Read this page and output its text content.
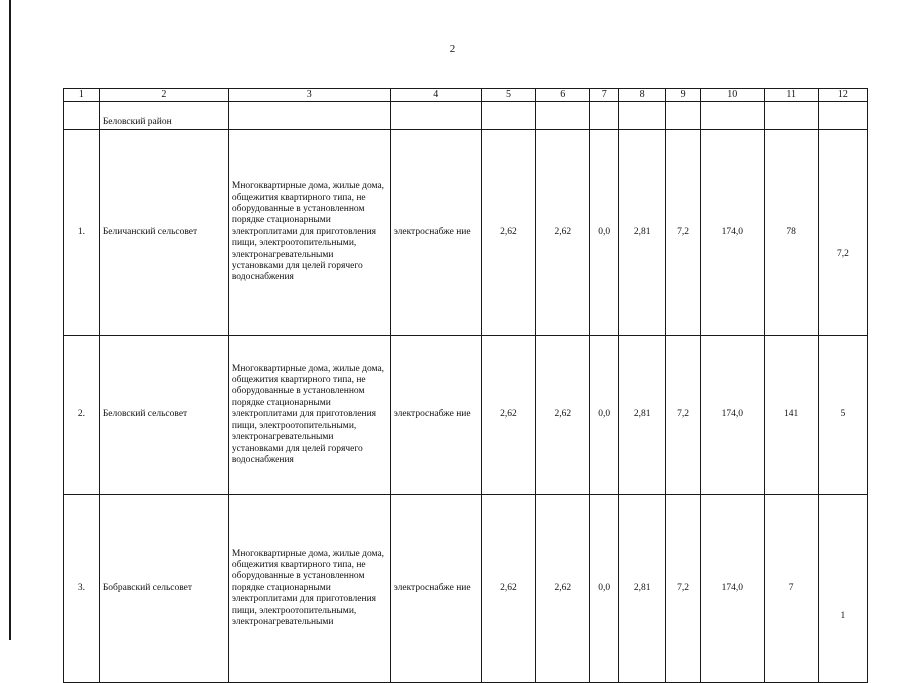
2
1	2	3	4	5	6	7	8	9	10	11	12
	Беловский район										
1.	Беличанский сельсовет	Многоквартирные дома, жилые дома, общежития квартирного типа, не оборудованные в установленном порядке стационарными электроплитами для приготовления пищи, электроотопительными, электронагревательными установками для целей горячего водоснабжения	электроснабже ние	2,62	2,62	0,0	2,81	7,2	174,0	78	7,2
2.	Беловский сельсовет	Многоквартирные дома, жилые дома, общежития квартирного типа, не оборудованные в установленном порядке стационарными электроплитами для приготовления пищи, электроотопительными, электронагревательными установками для целей горячего водоснабжения	электроснабже ние	2,62	2,62	0,0	2,81	7,2	174,0	141	5
3.	Бобравский сельсовет	Многоквартирные дома, жилые дома, общежития квартирного типа, не оборудованные в установленном порядке стационарными электроплитами для приготовления пищи, электроотопительными, электронагревательными	электроснабже ние	2,62	2,62	0,0	2,81	7,2	174,0	7	1
